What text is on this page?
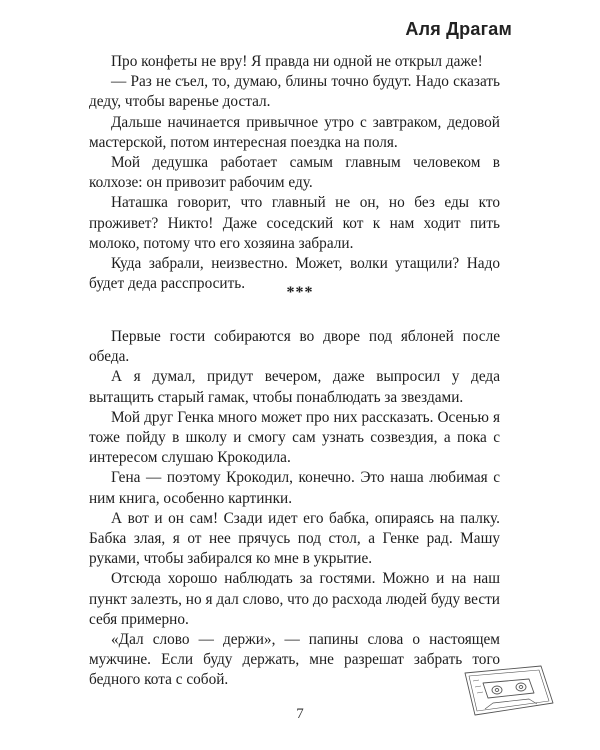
Аля Драгам

Про конфеты не вру! Я правда ни одной не открыл даже!

— Раз не съел, то, думаю, блины точно будут. Надо сказать деду, чтобы варенье достал.

Дальше начинается привычное утро с завтраком, дедовой мастерской, потом интересная поездка на поля.

Мой дедушка работает самым главным человеком в колхозе: он привозит рабочим еду.

Наташка говорит, что главный не он, но без еды кто проживет? Никто! Даже соседский кот к нам ходит пить молоко, потому что его хозяина забрали.

Куда забрали, неизвестно. Может, волки утащили? Надо будет деда расспросить.

***

Первые гости собираются во дворе под яблоней после обеда.

А я думал, придут вечером, даже выпросил у деда вытащить старый гамак, чтобы понаблюдать за звездами.

Мой друг Генка много может про них рассказать. Осенью я тоже пойду в школу и смогу сам узнать созвездия, а пока с интересом слушаю Крокодила.

Гена — поэтому Крокодил, конечно. Это наша любимая с ним книга, особенно картинки.

А вот и он сам! Сзади идет его бабка, опираясь на палку. Бабка злая, я от нее прячусь под стол, а Генке рад. Машу руками, чтобы забирался ко мне в укрытие.

Отсюда хорошо наблюдать за гостями. Можно и на наш пункт залезть, но я дал слово, что до расхода людей буду вести себя примерно.

«Дал слово — держи», — папины слова о настоящем мужчине. Если буду держать, мне разрешат забрать того бедного кота с собой.

7
